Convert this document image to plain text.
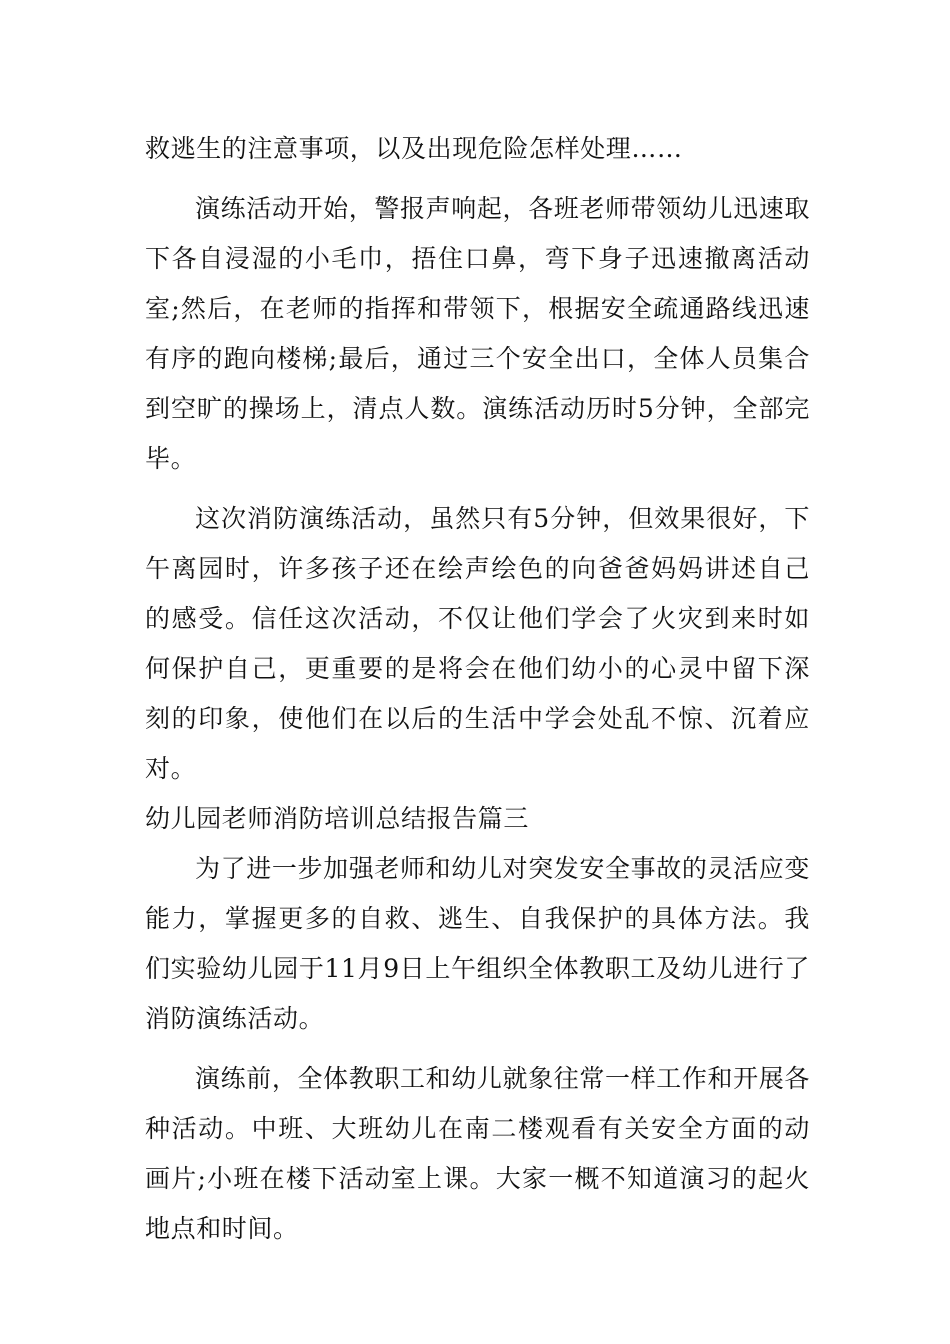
救逃生的注意事项，以及出现危险怎样处理……

演练活动开始，警报声响起，各班老师带领幼儿迅速取下各自浸湿的小毛巾，捂住口鼻，弯下身子迅速撤离活动室;然后，在老师的指挥和带领下，根据安全疏通路线迅速有序的跑向楼梯;最后，通过三个安全出口，全体人员集合到空旷的操场上，清点人数。演练活动历时5分钟，全部完毕。

这次消防演练活动，虽然只有5分钟，但效果很好，下午离园时，许多孩子还在绘声绘色的向爸爸妈妈讲述自己的感受。信任这次活动，不仅让他们学会了火灾到来时如何保护自己，更重要的是将会在他们幼小的心灵中留下深刻的印象，使他们在以后的生活中学会处乱不惊、沉着应对。

幼儿园老师消防培训总结报告篇三

为了进一步加强老师和幼儿对突发安全事故的灵活应变能力，掌握更多的自救、逃生、自我保护的具体方法。我们实验幼儿园于11月9日上午组织全体教职工及幼儿进行了消防演练活动。

演练前，全体教职工和幼儿就象往常一样工作和开展各种活动。中班、大班幼儿在南二楼观看有关安全方面的动画片;小班在楼下活动室上课。大家一概不知道演习的起火地点和时间。
